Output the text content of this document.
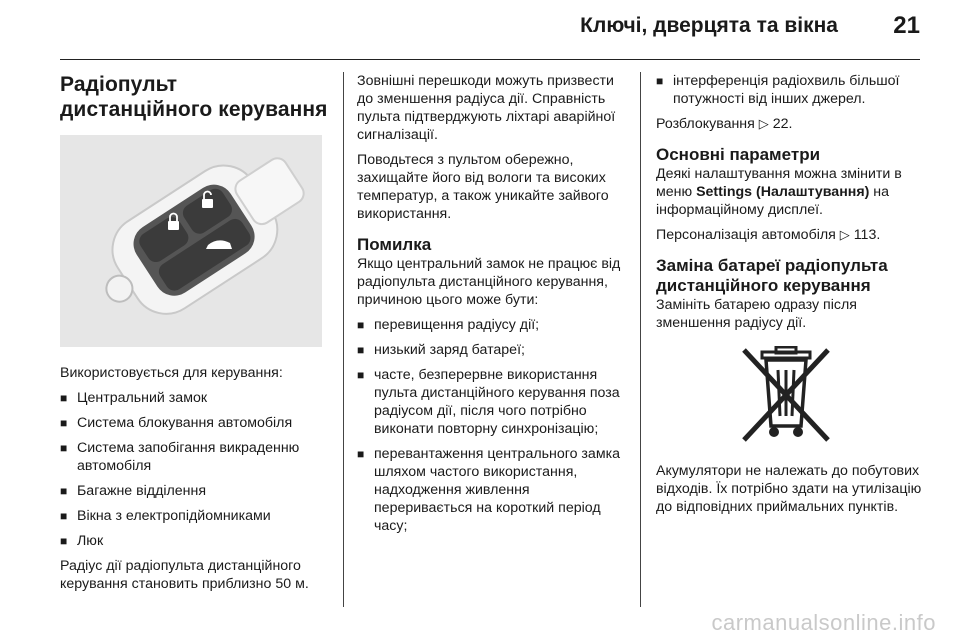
Ключі, дверцята та вікна 21
Радіопульт дистанційного керування

Використовується для керування:

■ Центральний замок
■ Система блокування автомобіля
■ Система запобігання викраденню автомобіля
■ Багажне відділення
■ Вікна з електропідйомниками
■ Люк

Радіус дії радіопульта дистанційного керування становить приблизно 50 м.

Зовнішні перешкоди можуть призвести до зменшення радіуса дії. Справність пульта підтверджують ліхтарі аварійної сигналізації.

Поводьтеся з пультом обережно, захищайте його від вологи та високих температур, а також уникайте зайвого використання.

Помилка

Якщо центральний замок не працює від радіопульта дистанційного керування, причиною цього може бути:

■ перевищення радіусу дії;
■ низький заряд батареї;
■ часте, безперервне використання пульта дистанційного керування поза радіусом дії, після чого потрібно виконати повторну синхронізацію;
■ перевантаження центрального замка шляхом частого використання, надходження живлення переривається на короткий період часу;
■ інтерференція радіохвиль більшої потужності від інших джерел.

Розблокування ▷ 22.

Основні параметри

Деякі налаштування можна змінити в меню Settings (Налаштування) на інформаційному дисплеї.

Персоналізація автомобіля ▷ 113.

Заміна батареї радіопульта дистанційного керування

Замініть батарею одразу після зменшення радіусу дії.

Акумулятори не належать до побутових відходів. Їх потрібно здати на утилізацію до відповідних приймальних пунктів.

carmanualsonline.info
